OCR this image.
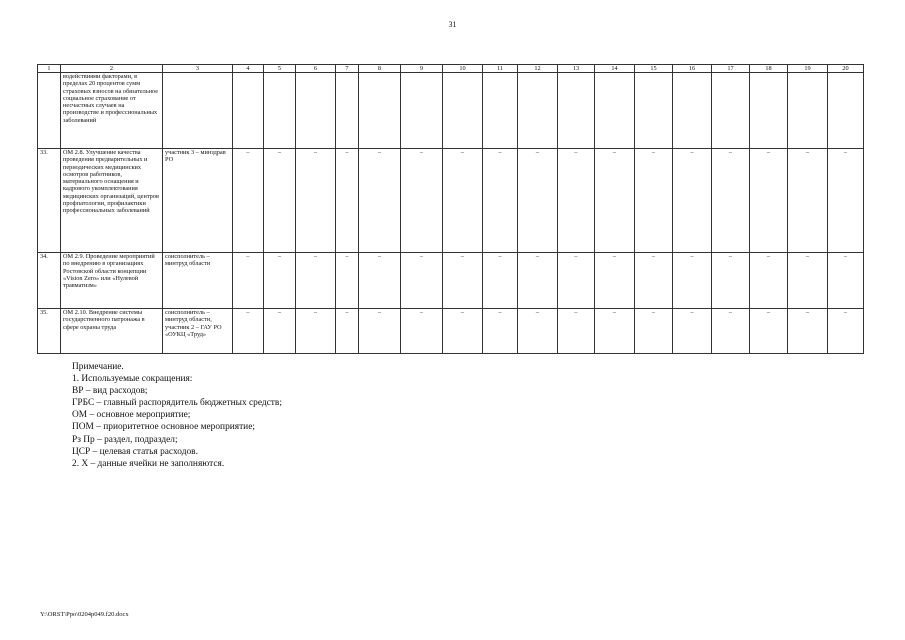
31
1	2	3	4	5	6	7	8	9	10	11	12	13	14	15	16	17	18	19	20
	водействиями факторами, в пределах 20 процентов сумм страховых взносов на обязательное социальное страхование от несчастных случаев на производстве и профессиональных заболеваний																		
33.	ОМ 2.8. Улучшение качества проведения предварительных и периодических медицинских осмотров работников, материального оснащения и кадрового укомплектования медицинских организаций, центров профпатологии, профилактики профессиональных заболеваний	участник 3 – минздрав РО	–	–	–	–	–	–	–	–	–	–	–	–	–	–	–	–	–
34.	ОМ 2.9. Проведение мероприятий по внедрению в организациях Ростовской области концепции «Vision Zero» или «Нулевой травматизм»	соисполнитель – минтруд области	–	–	–	–	–	–	–	–	–	–	–	–	–	–	–	–	–
35.	ОМ 2.10. Внедрение системы государственного патронажа в сфере охраны труда	соисполнитель – минтруд области, участник 2 – ГАУ РО «ОУКЦ «Труд»	–	–	–	–	–	–	–	–	–	–	–	–	–	–	–	–	–
Примечание.
1. Используемые сокращения:
ВР – вид расходов;
ГРБС – главный распорядитель бюджетных средств;
ОМ – основное мероприятие;
ПОМ – приоритетное основное мероприятие;
Рз Пр – раздел, подраздел;
ЦСР – целевая статья расходов.
2. Х – данные ячейки не заполняются.
Y:\ORST\Ppo\0204p049.f20.docx
